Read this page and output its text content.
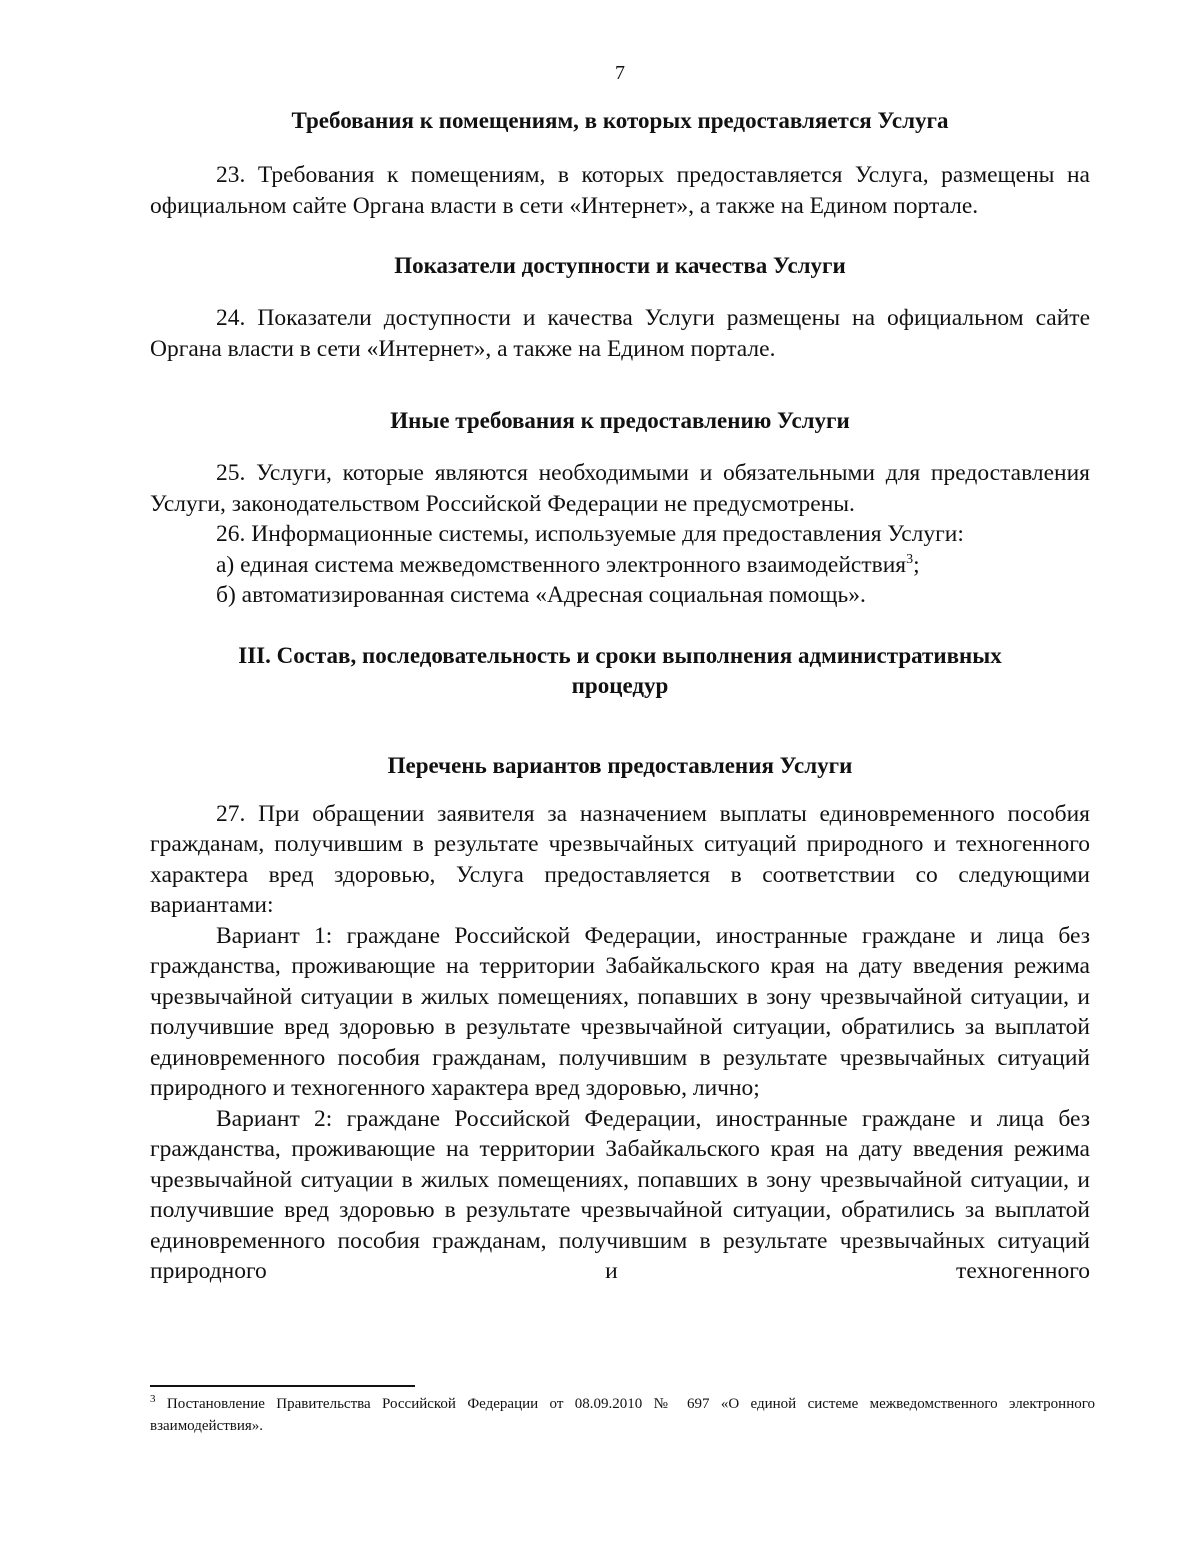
7
Требования к помещениям, в которых предоставляется Услуга

23. Требования к помещениям, в которых предоставляется Услуга, размещены на официальном сайте Органа власти в сети «Интернет», а также на Едином портале.

Показатели доступности и качества Услуги

24. Показатели доступности и качества Услуги размещены на официальном сайте Органа власти в сети «Интернет», а также на Едином портале.

Иные требования к предоставлению Услуги

25. Услуги, которые являются необходимыми и обязательными для предоставления Услуги, законодательством Российской Федерации не предусмотрены.

26. Информационные системы, используемые для предоставления Услуги:

а) единая система межведомственного электронного взаимодействия$^3$;

б) автоматизированная система «Адресная социальная помощь».

III. Состав, последовательность и сроки выполнения административных
процедур
Перечень вариантов предоставления Услуги

27. При обращении заявителя за назначением выплаты единовременного пособия гражданам, получившим в результате чрезвычайных ситуаций природного и техногенного характера вред здоровью, Услуга предоставляется в соответствии со следующими вариантами:

Вариант 1: граждане Российской Федерации, иностранные граждане и лица без гражданства, проживающие на территории Забайкальского края на дату введения режима чрезвычайной ситуации в жилых помещениях, попавших в зону чрезвычайной ситуации, и получившие вред здоровью в результате чрезвычайной ситуации, обратились за выплатой единовременного пособия гражданам, получившим в результате чрезвычайных ситуаций природного и техногенного характера вред здоровью, лично;

Вариант 2: граждане Российской Федерации, иностранные граждане и лица без гражданства, проживающие на территории Забайкальского края на дату введения режима чрезвычайной ситуации в жилых помещениях, попавших в зону чрезвычайной ситуации, и получившие вред здоровью в результате чрезвычайной ситуации, обратились за выплатой единовременного пособия гражданам, получившим в результате чрезвычайных ситуаций природного и техногенного

$^3$ Постановление Правительства Российской Федерации от 08.09.2010 № 697 «О единой системе межведомственного электронного взаимодействия».
